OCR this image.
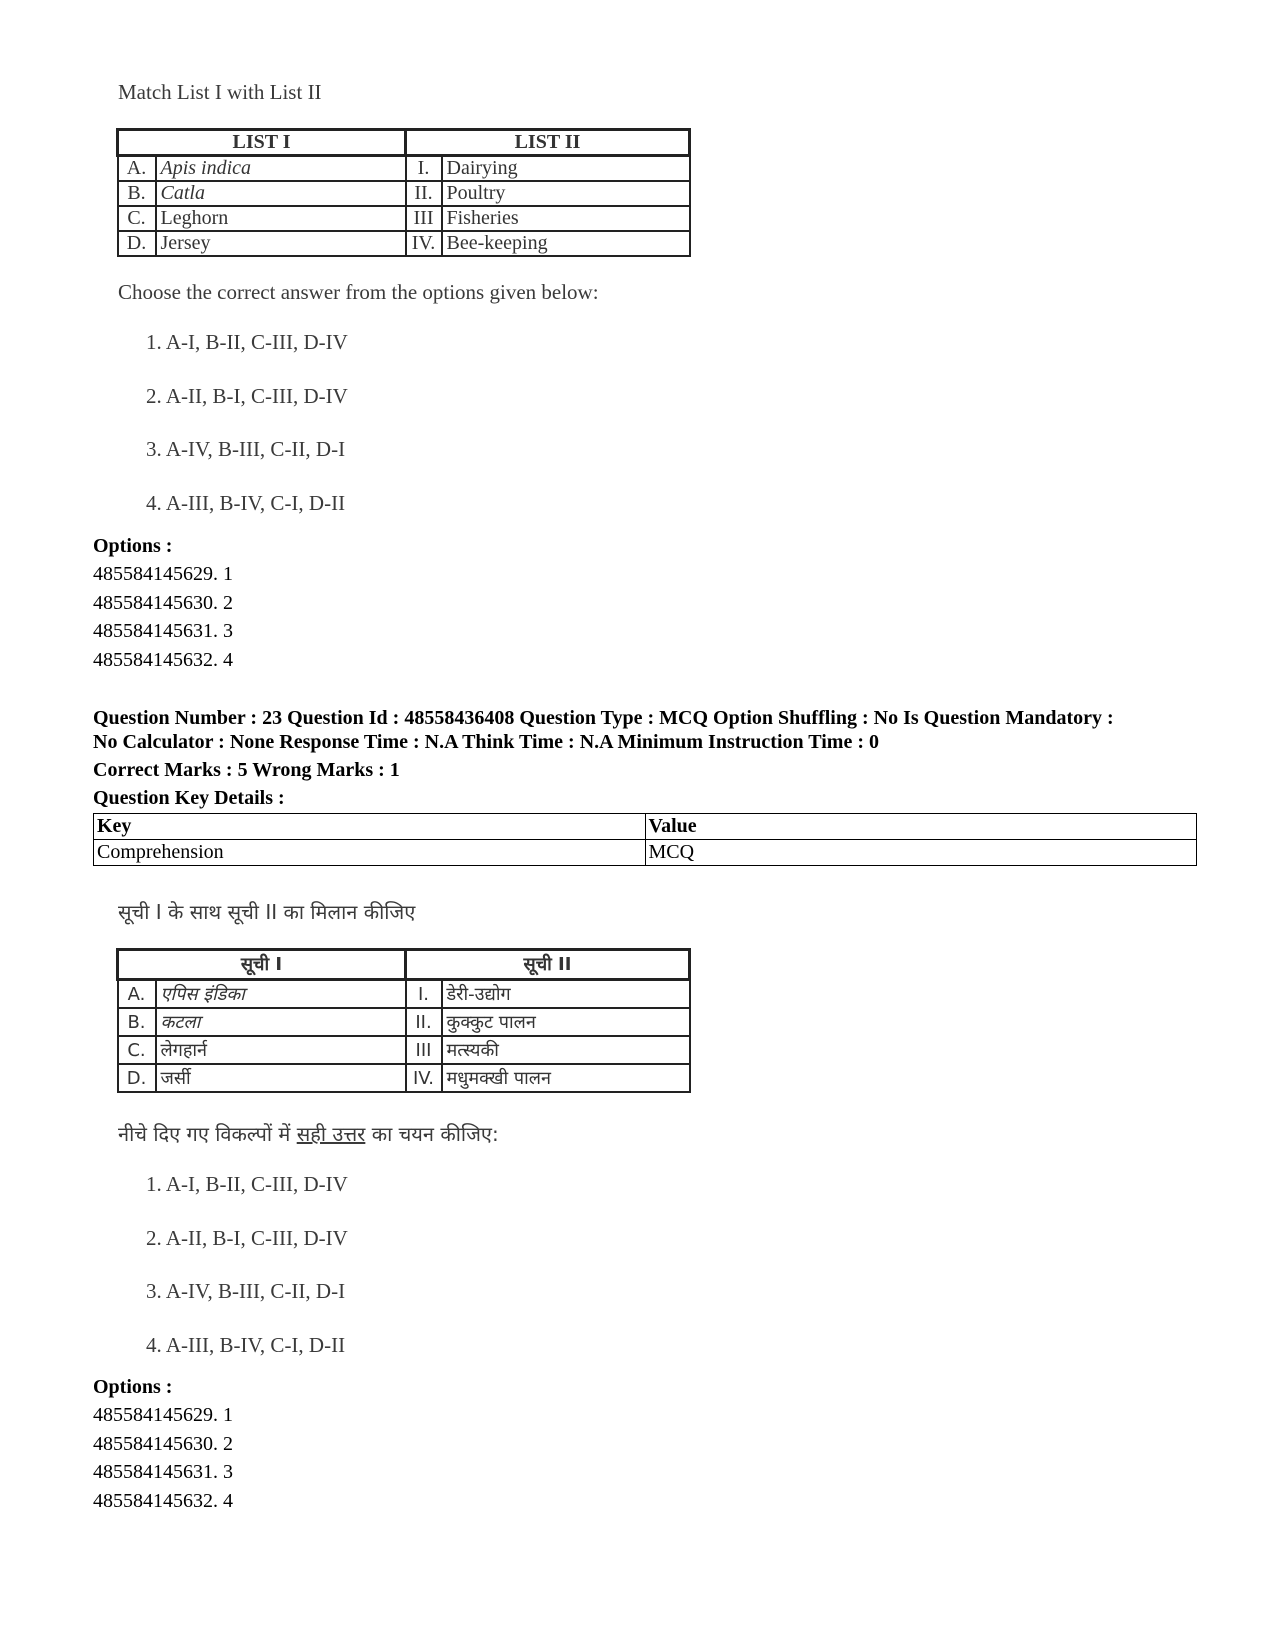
Match List I with List II
LIST I		LIST II	
A.	Apis indica	I.	Dairying
B.	Catla	II.	Poultry
C.	Leghorn	III	Fisheries
D.	Jersey	IV.	Bee-keeping
Choose the correct answer from the options given below:
1. A-I, B-II, C-III, D-IV
2. A-II, B-I, C-III, D-IV
3. A-IV, B-III, C-II, D-I
4. A-III, B-IV, C-I, D-II
Options :
485584145629. 1
485584145630. 2
485584145631. 3
485584145632. 4
Question Number : 23 Question Id : 48558436408 Question Type : MCQ Option Shuffling : No Is Question Mandatory :
No Calculator : None Response Time : N.A Think Time : N.A Minimum Instruction Time : 0
Correct Marks : 5 Wrong Marks : 1
Question Key Details :
Key	Value
Comprehension	MCQ
सूची I के साथ सूची II का मिलान कीजिए
सूची I		सूची II	
A.	एपिस इंडिका	I.	डेरी-उद्योग
B.	कटला	II.	कुक्कुट पालन
C.	लेगहार्न	III	मत्स्यकी
D.	जर्सी	IV.	मधुमक्खी पालन
नीचे दिए गए विकल्पों में सही उत्तर का चयन कीजिए:
1. A-I, B-II, C-III, D-IV
2. A-II, B-I, C-III, D-IV
3. A-IV, B-III, C-II, D-I
4. A-III, B-IV, C-I, D-II
Options :
485584145629. 1
485584145630. 2
485584145631. 3
485584145632. 4
